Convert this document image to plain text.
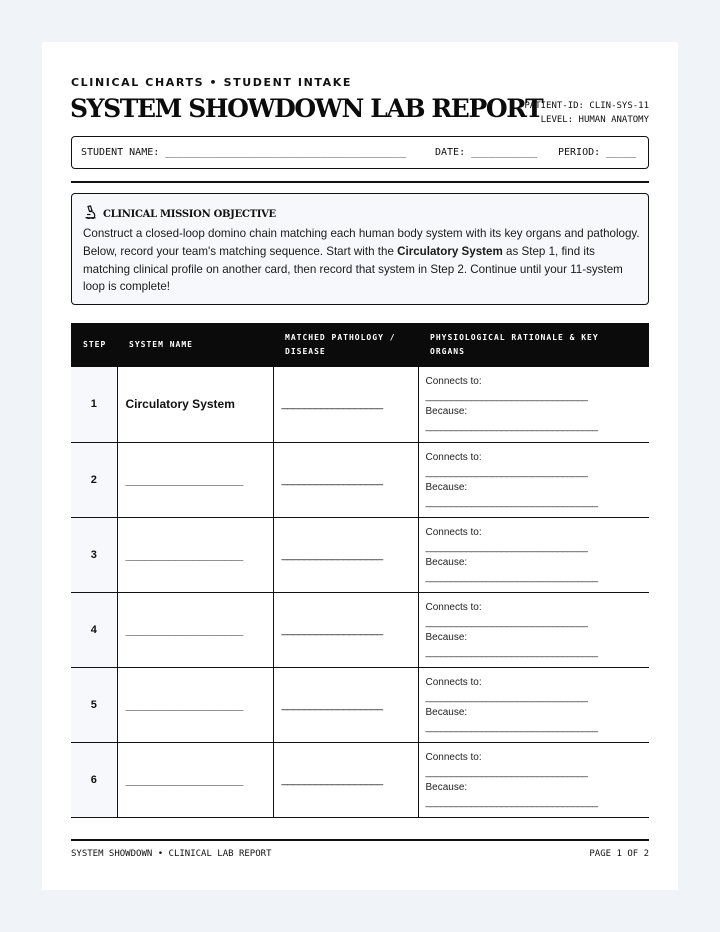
CLINICAL CHARTS • STUDENT INTAKE
SYSTEM SHOWDOWN LAB REPORT
PATIENT-ID: CLIN-SYS-11
LEVEL: HUMAN ANATOMY
STUDENT NAME: ________________________________________	DATE: ___________ PERIOD: _____
CLINICAL MISSION OBJECTIVE

Construct a closed-loop domino chain matching each human body system with its key organs and pathology. Below, record your team's matching sequence. Start with the Circulatory System as Step 1, find its matching clinical profile on another card, then record that system in Step 2. Continue until your 11-system loop is complete!

STEP	SYSTEM NAME	MATCHED PATHOLOGY / DISEASE	PHYSIOLOGICAL RATIONALE & KEY ORGANS
1	Circulatory System	__________________	Connects to:
________________________________
Because:
__________________________________

2	___________________	__________________	Connects to:
________________________________
Because:
__________________________________

3	___________________	__________________	Connects to:
________________________________
Because:
__________________________________

4	___________________	__________________	Connects to:
________________________________
Because:
__________________________________

5	___________________	__________________	Connects to:
________________________________
Because:
__________________________________

6	___________________	__________________	Connects to:
________________________________
Because:
__________________________________
SYSTEM SHOWDOWN • CLINICAL LAB REPORT	PAGE 1 OF 2
